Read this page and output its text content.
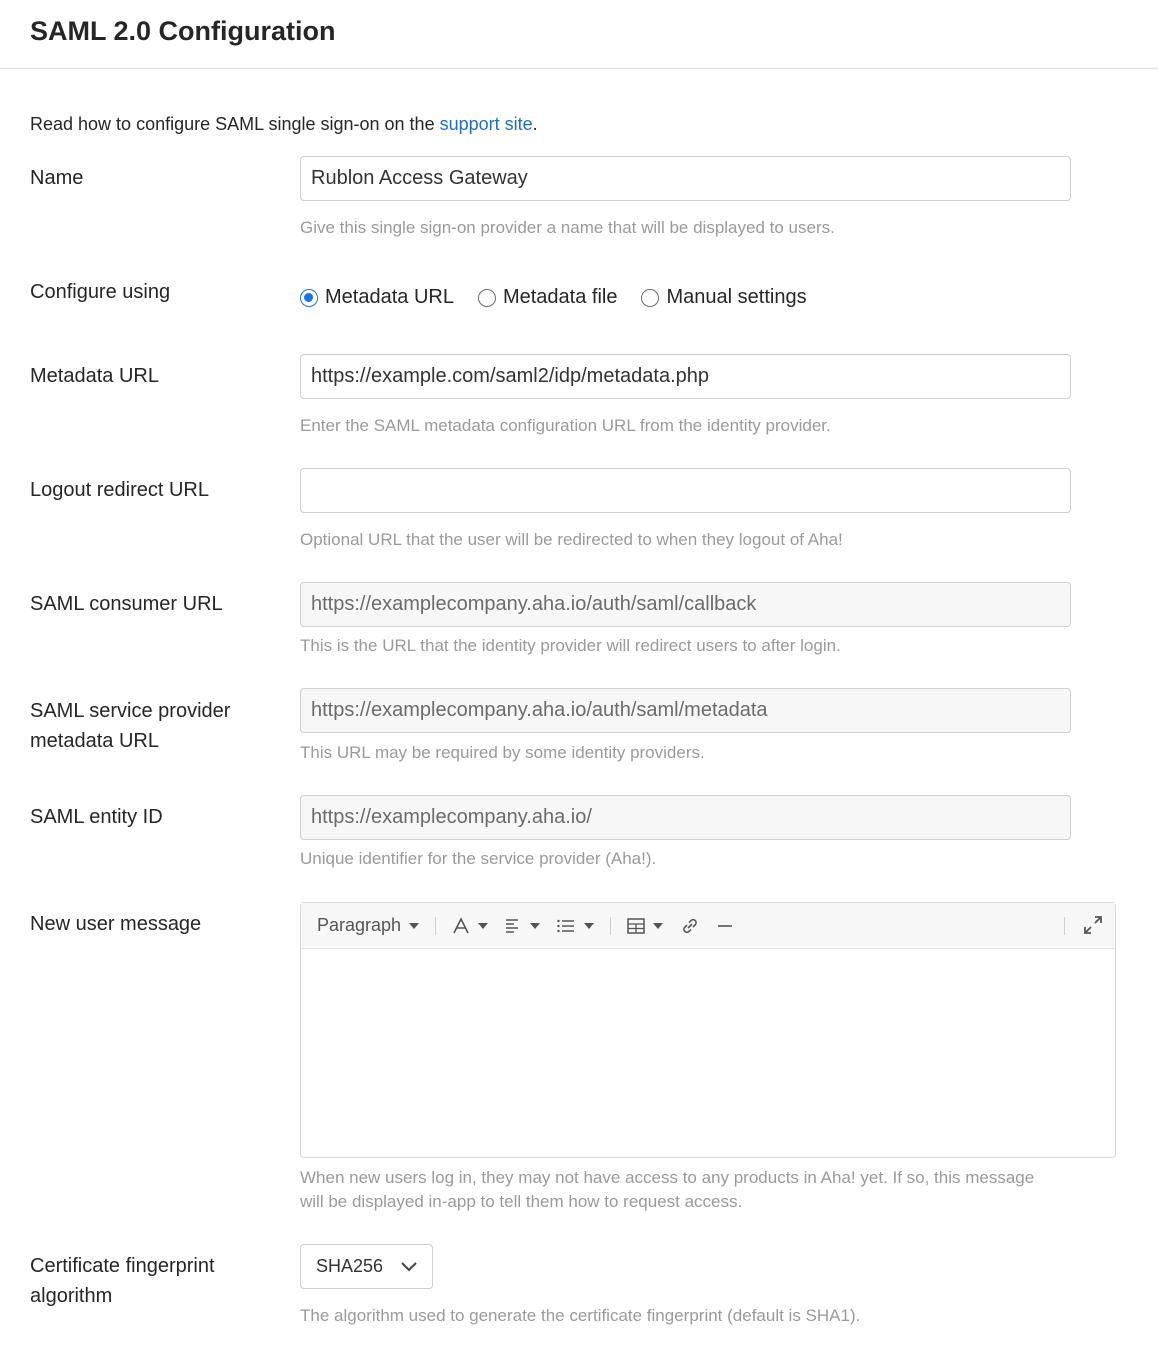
SAML 2.0 Configuration
Read how to configure SAML single sign-on on the support site.
Name
Rublon Access Gateway
Give this single sign-on provider a name that will be displayed to users.
Configure using	Metadata URL Metadata file Manual settings
Metadata URL
https://example.com/saml2/idp/metadata.php
Enter the SAML metadata configuration URL from the identity provider.
Logout redirect URL
Optional URL that the user will be redirected to when they logout of Aha!
SAML consumer URL
https://examplecompany.aha.io/auth/saml/callback
This is the URL that the identity provider will redirect users to after login.
SAML service provider
metadata URL
https://examplecompany.aha.io/auth/saml/metadata
This URL may be required by some identity providers.
SAML entity ID
https://examplecompany.aha.io/
Unique identifier for the service provider (Aha!).
New user message	Paragraph
When new users log in, they may not have access to any products in Aha! yet. If so, this message
will be displayed in-app to tell them how to request access.
Certificate fingerprint
algorithm
SHA256
The algorithm used to generate the certificate fingerprint (default is SHA1).
